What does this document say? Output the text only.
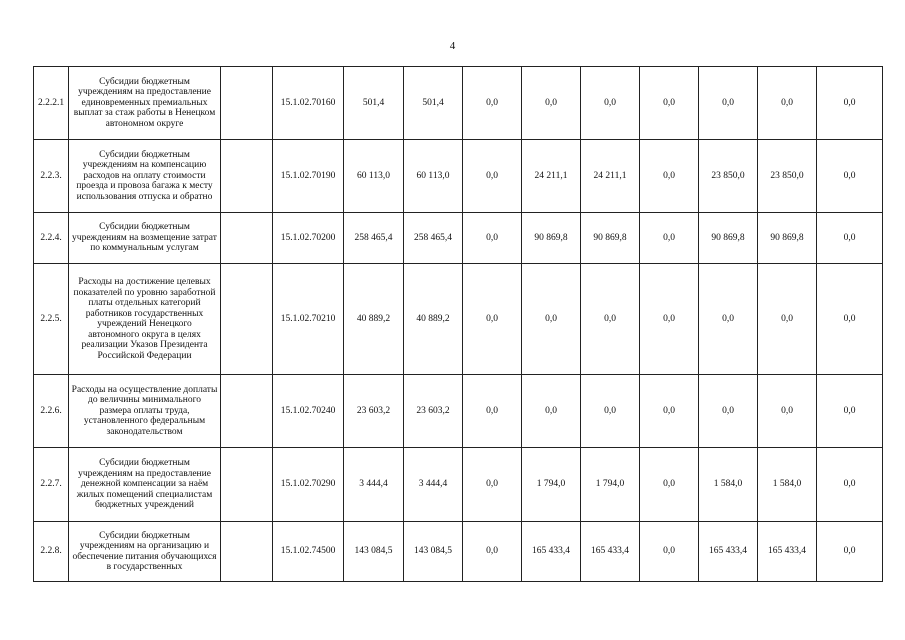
4
2.2.2.1	Субсидии бюджетным учреждениям на предоставление единовременных премиальных выплат за стаж работы в Ненецком автономном округе		15.1.02.70160	501,4	501,4	0,0	0,0	0,0	0,0	0,0	0,0	0,0
2.2.3.	Субсидии бюджетным учреждениям на компенсацию расходов на оплату стоимости проезда и провоза багажа к месту использования отпуска и обратно		15.1.02.70190	60 113,0	60 113,0	0,0	24 211,1	24 211,1	0,0	23 850,0	23 850,0	0,0
2.2.4.	Субсидии бюджетным учреждениям на возмещение затрат по коммунальным услугам		15.1.02.70200	258 465,4	258 465,4	0,0	90 869,8	90 869,8	0,0	90 869,8	90 869,8	0,0
2.2.5.	Расходы на достижение целевых показателей по уровню заработной платы отдельных категорий работников государственных учреждений Ненецкого автономного округа в целях реализации Указов Президента Российской Федерации		15.1.02.70210	40 889,2	40 889,2	0,0	0,0	0,0	0,0	0,0	0,0	0,0
2.2.6.	Расходы на осуществление доплаты до величины минимального размера оплаты труда, установленного федеральным законодательством		15.1.02.70240	23 603,2	23 603,2	0,0	0,0	0,0	0,0	0,0	0,0	0,0
2.2.7.	Субсидии бюджетным учреждениям на предоставление денежной компенсации за наём жилых помещений специалистам бюджетных учреждений		15.1.02.70290	3 444,4	3 444,4	0,0	1 794,0	1 794,0	0,0	1 584,0	1 584,0	0,0
2.2.8.	Субсидии бюджетным учреждениям на организацию и обеспечение питания обучающихся в государственных		15.1.02.74500	143 084,5	143 084,5	0,0	165 433,4	165 433,4	0,0	165 433,4	165 433,4	0,0
